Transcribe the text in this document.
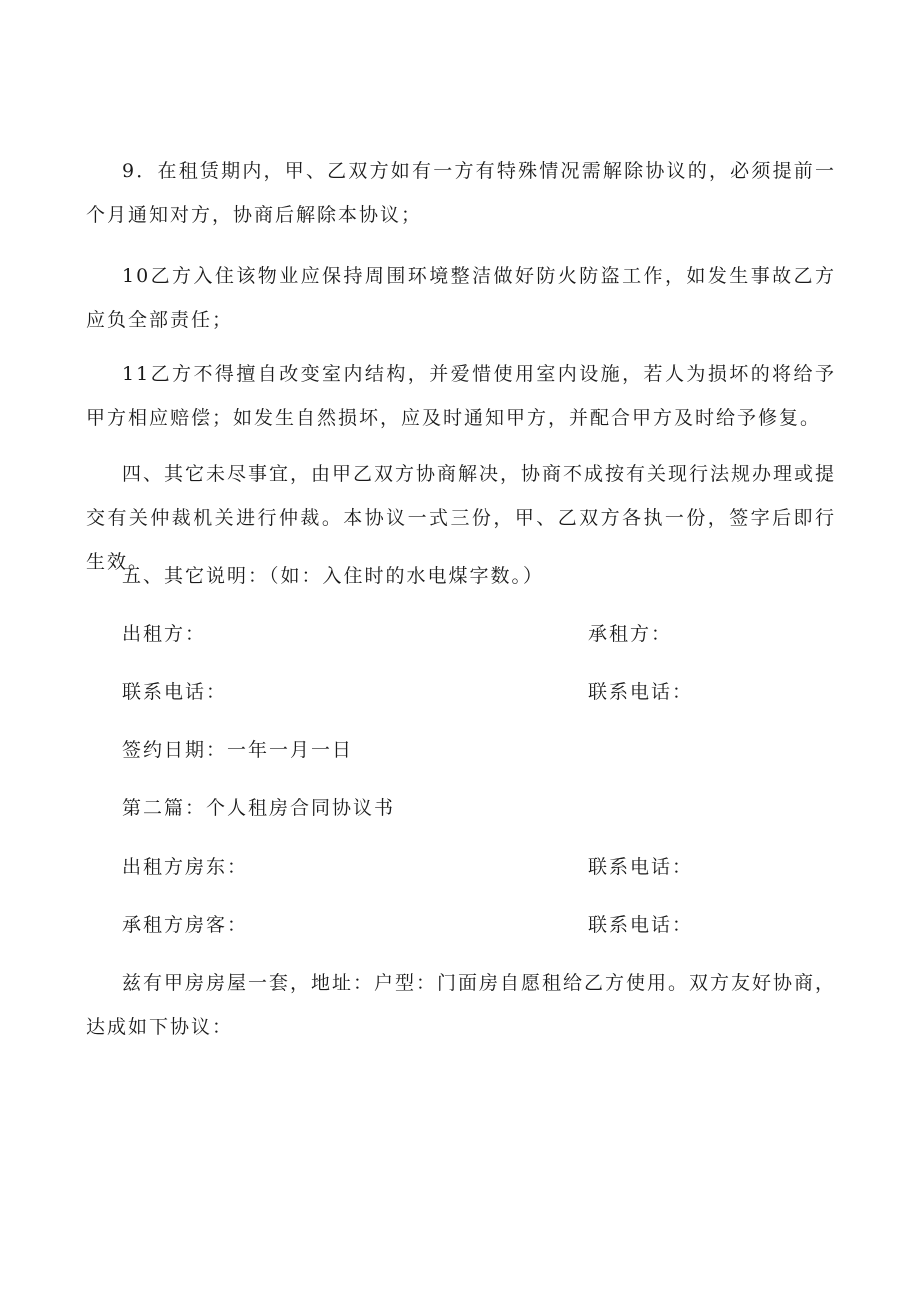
9．在租赁期内，甲、乙双方如有一方有特殊情况需解除协议的，必须提前一个月通知对方，协商后解除本协议；

10乙方入住该物业应保持周围环境整洁做好防火防盗工作，如发生事故乙方应负全部责任；

11乙方不得擅自改变室内结构，并爱惜使用室内设施，若人为损坏的将给予甲方相应赔偿；如发生自然损坏，应及时通知甲方，并配合甲方及时给予修复。

四、其它未尽事宜，由甲乙双方协商解决，协商不成按有关现行法规办理或提交有关仲裁机关进行仲裁。本协议一式三份，甲、乙双方各执一份，签字后即行生效。

五、其它说明：（如：入住时的水电煤字数。）

出租方：	承租方：

联系电话：	联系电话：

签约日期：一年一月一日

第二篇：个人租房合同协议书

出租方房东：	联系电话：

承租方房客：	联系电话：

兹有甲房房屋一套，地址：户型：门面房自愿租给乙方使用。双方友好协商，达成如下协议：
